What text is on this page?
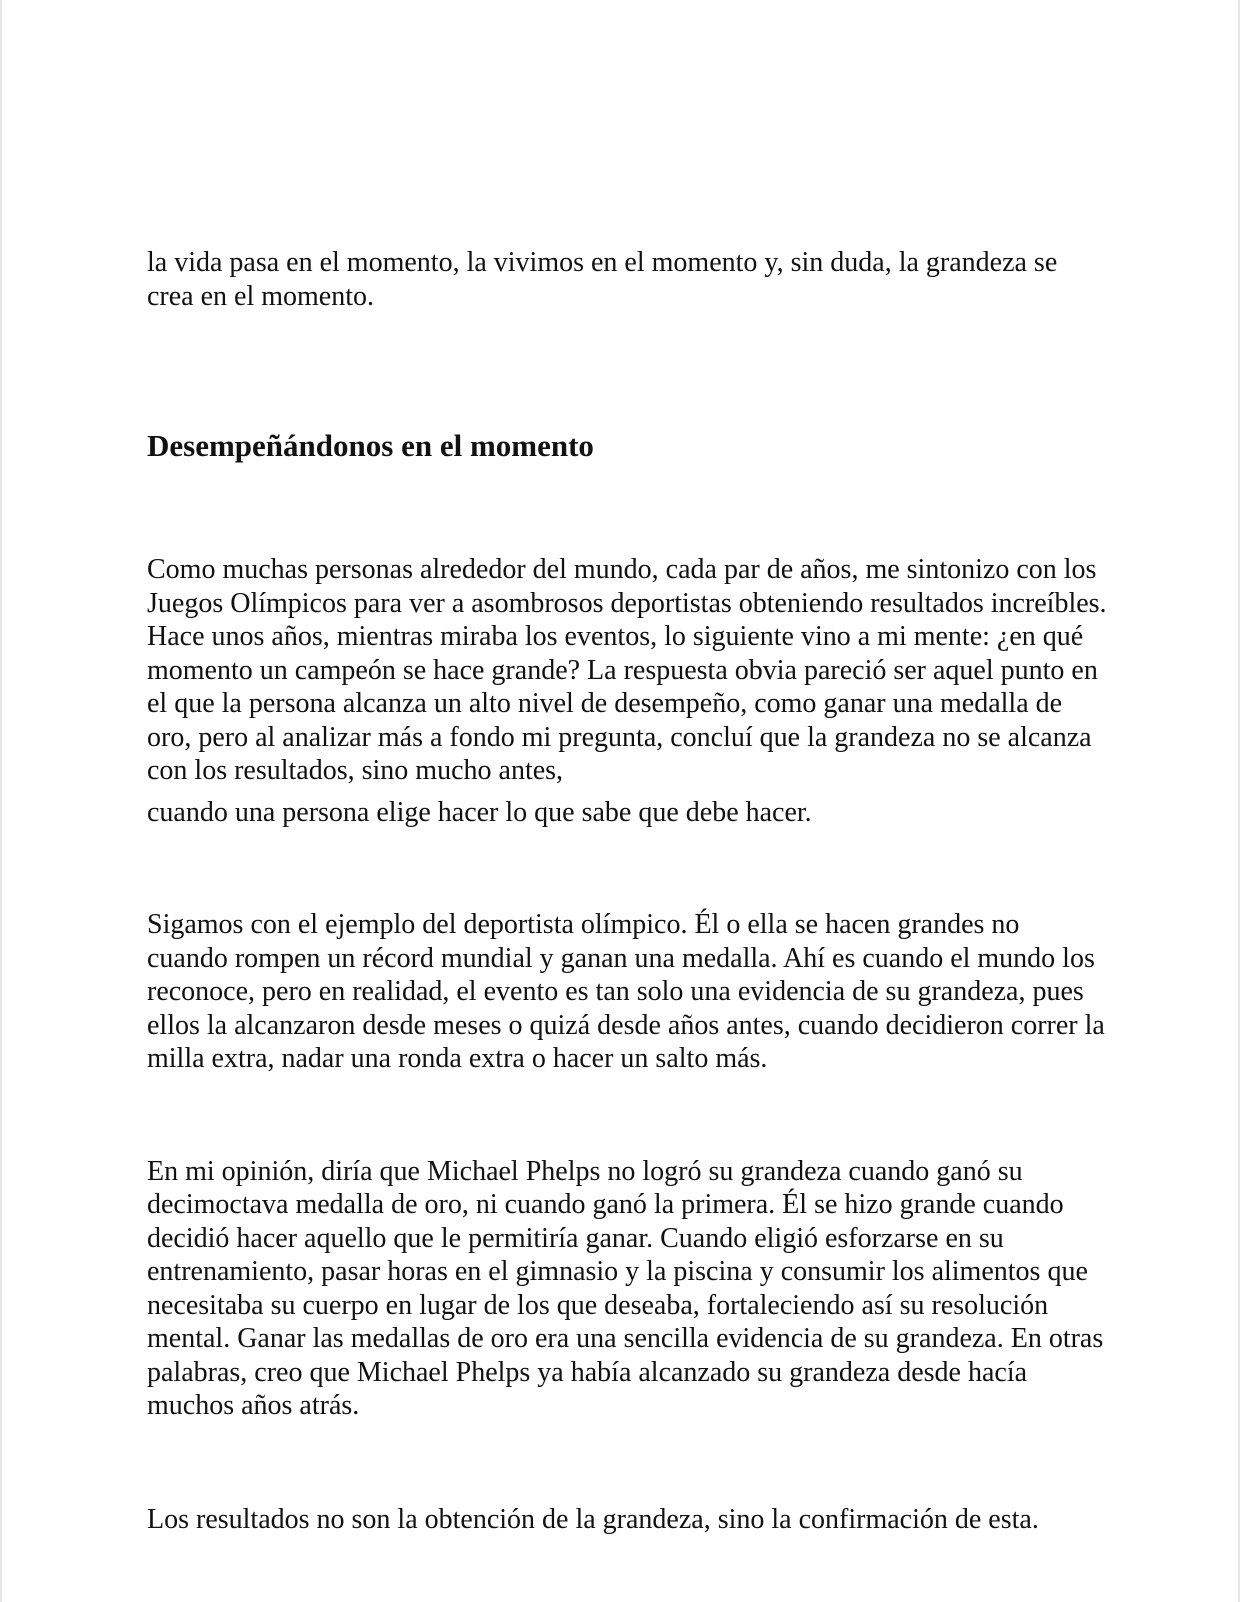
la vida pasa en el momento, la vivimos en el momento y, sin duda, la grandeza se crea en el momento.

Desempeñándonos en el momento

Como muchas personas alrededor del mundo, cada par de años, me sintonizo con los Juegos Olímpicos para ver a asombrosos deportistas obteniendo resultados increíbles. Hace unos años, mientras miraba los eventos, lo siguiente vino a mi mente: ¿en qué momento un campeón se hace grande? La respuesta obvia pareció ser aquel punto en el que la persona alcanza un alto nivel de desempeño, como ganar una medalla de oro, pero al analizar más a fondo mi pregunta, concluí que la grandeza no se alcanza con los resultados, sino mucho antes,
cuando una persona elige hacer lo que sabe que debe hacer.

Sigamos con el ejemplo del deportista olímpico. Él o ella se hacen grandes no cuando rompen un récord mundial y ganan una medalla. Ahí es cuando el mundo los reconoce, pero en realidad, el evento es tan solo una evidencia de su grandeza, pues ellos la alcanzaron desde meses o quizá desde años antes, cuando decidieron correr la milla extra, nadar una ronda extra o hacer un salto más.

En mi opinión, diría que Michael Phelps no logró su grandeza cuando ganó su decimoctava medalla de oro, ni cuando ganó la primera. Él se hizo grande cuando decidió hacer aquello que le permitiría ganar. Cuando eligió esforzarse en su entrenamiento, pasar horas en el gimnasio y la piscina y consumir los alimentos que necesitaba su cuerpo en lugar de los que deseaba, fortaleciendo así su resolución mental. Ganar las medallas de oro era una sencilla evidencia de su grandeza. En otras palabras, creo que Michael Phelps ya había alcanzado su grandeza desde hacía muchos años atrás.

Los resultados no son la obtención de la grandeza, sino la confirmación de esta.
